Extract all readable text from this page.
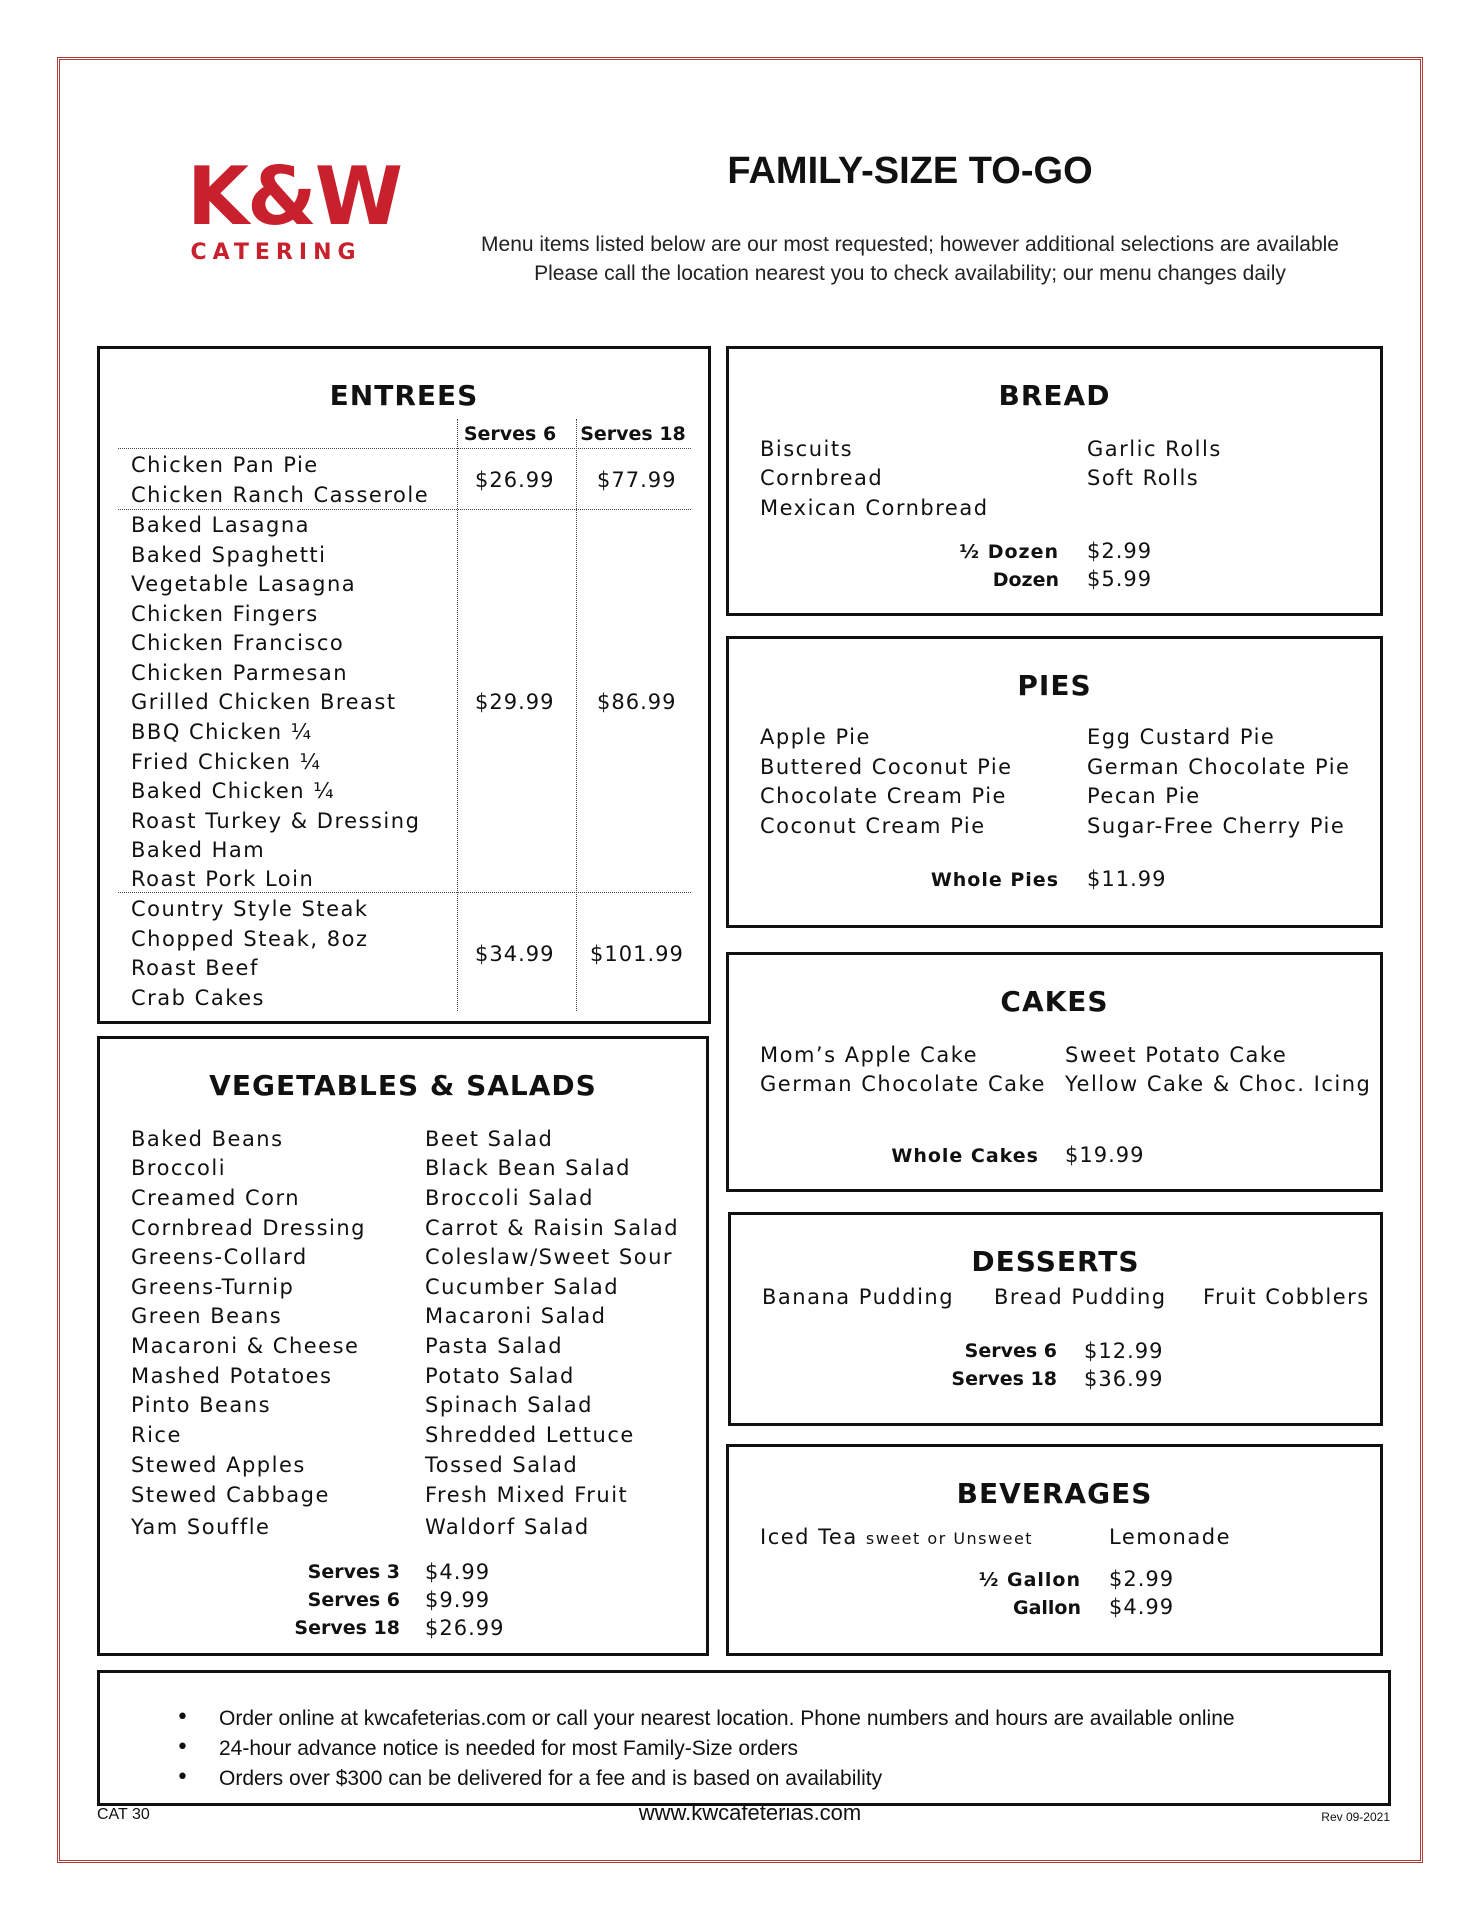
K&W
CATERING
FAMILY-SIZE TO-GO
Menu items listed below are our most requested; however additional selections are available
Please call the location nearest you to check availability; our menu changes daily
ENTREES
Serves 6 Serves 18
Chicken Pan Pie
Chicken Ranch Casserole
$26.99 $77.99
Baked Lasagna
Baked Spaghetti
Vegetable Lasagna
Chicken Fingers
Chicken Francisco
Chicken Parmesan
Grilled Chicken Breast
BBQ Chicken ¼
Fried Chicken ¼
Baked Chicken ¼
Roast Turkey & Dressing
Baked Ham
Roast Pork Loin
$29.99 $86.99
Country Style Steak
Chopped Steak, 8oz
Roast Beef
Crab Cakes
$34.99 $101.99
VEGETABLES & SALADS
Baked Beans
Broccoli
Creamed Corn
Cornbread Dressing
Greens-Collard
Greens-Turnip
Green Beans
Macaroni & Cheese
Mashed Potatoes
Pinto Beans
Rice
Stewed Apples
Stewed Cabbage
Yam Souffle
Beet Salad
Black Bean Salad
Broccoli Salad
Carrot & Raisin Salad
Coleslaw/Sweet Sour
Cucumber Salad
Macaroni Salad
Pasta Salad
Potato Salad
Spinach Salad
Shredded Lettuce
Tossed Salad
Fresh Mixed Fruit
Waldorf Salad
Serves 3 $4.99
Serves 6 $9.99
Serves 18 $26.99
BREAD
Biscuits
Cornbread
Mexican Cornbread
Garlic Rolls
Soft Rolls
½ Dozen $2.99
Dozen $5.99
PIES
Apple Pie
Buttered Coconut Pie
Chocolate Cream Pie
Coconut Cream Pie
Egg Custard Pie
German Chocolate Pie
Pecan Pie
Sugar-Free Cherry Pie
Whole Pies $11.99
CAKES
Mom’s Apple Cake
German Chocolate Cake
Sweet Potato Cake
Yellow Cake & Choc. Icing
Whole Cakes $19.99
DESSERTS
Banana Pudding Bread Pudding Fruit Cobblers
Serves 6 $12.99
Serves 18 $36.99
BEVERAGES
Iced Tea sweet or Unsweet	Lemonade
½ Gallon $2.99
Gallon $4.99
• Order online at kwcafeterias.com or call your nearest location. Phone numbers and hours are available online
• 24-hour advance notice is needed for most Family-Size orders
• Orders over $300 can be delivered for a fee and is based on availability
CAT 30	www.kwcafeterias.com	Rev 09-2021
